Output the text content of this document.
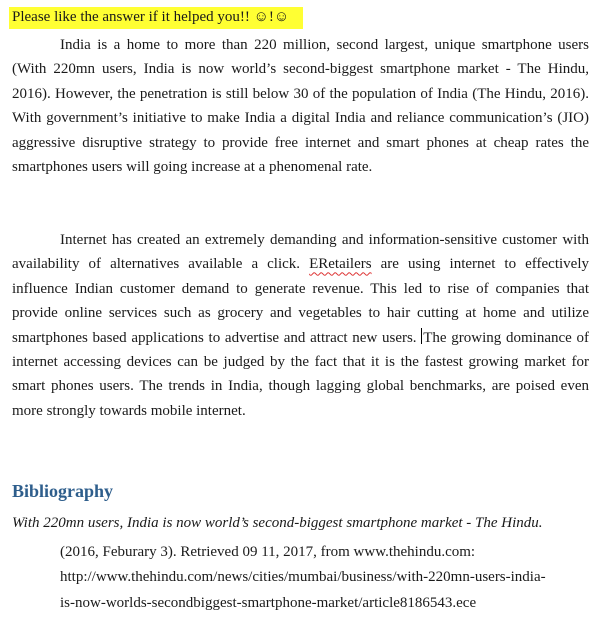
Please like the answer if it helped you!! ☺!☺
India is a home to more than 220 million, second largest, unique smartphone users (With 220mn users, India is now world’s second-biggest smartphone market - The Hindu, 2016). However, the penetration is still below 30 of the population of India (The Hindu, 2016). With government’s initiative to make India a digital India and reliance communication’s (JIO) aggressive disruptive strategy to provide free internet and smart phones at cheap rates the smartphones users will going increase at a phenomenal rate.
Internet has created an extremely demanding and information-sensitive customer with availability of alternatives available a click. ERetailers are using internet to effectively influence Indian customer demand to generate revenue. This led to rise of companies that provide online services such as grocery and vegetables to hair cutting at home and utilize smartphones based applications to advertise and attract new users. The growing dominance of internet accessing devices can be judged by the fact that it is the fastest growing market for smart phones users. The trends in India, though lagging global benchmarks, are poised even more strongly towards mobile internet.
Bibliography
With 220mn users, India is now world’s second-biggest smartphone market - The Hindu.
(2016, Feburary 3). Retrieved 09 11, 2017, from www.thehindu.com:
http://www.thehindu.com/news/cities/mumbai/business/with-220mn-users-india-
is-now-worlds-secondbiggest-smartphone-market/article8186543.ece
